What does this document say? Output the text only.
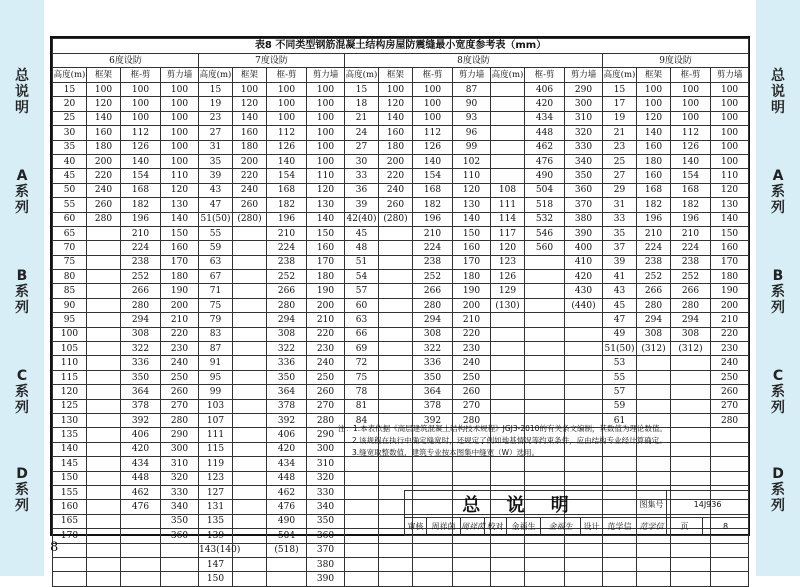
总
说
明
A
系
列
B
系
列
C
系
列
D
系
列
总
说
明
A
系
列
B
系
列
C
系
列
D
系
列
表8 不同类型钢筋混凝土结构房屋防震缝最小宽度参考表（mm）																		
6度设防				7度设防				8度设防							9度设防			
高度(m)	框架	框-剪	剪力墙	高度(m)	框架	框-剪	剪力墙	高度(m)	框架	框-剪	剪力墙	高度(m)	框-剪	剪力墙	高度(m)	框架	框-剪	剪力墙
15	100	100	100	15	100	100	100	15	100	100	87		406	290	15	100	100	100
20	120	100	100	19	120	100	100	18	120	100	90		420	300	17	100	100	100
25	140	100	100	23	140	100	100	21	140	100	93		434	310	19	120	100	100
30	160	112	100	27	160	112	100	24	160	112	96		448	320	21	140	112	100
35	180	126	100	31	180	126	100	27	180	126	99		462	330	23	160	126	100
40	200	140	100	35	200	140	100	30	200	140	102		476	340	25	180	140	100
45	220	154	110	39	220	154	110	33	220	154	110		490	350	27	160	154	110
50	240	168	120	43	240	168	120	36	240	168	120	108	504	360	29	168	168	120
55	260	182	130	47	260	182	130	39	260	182	130	111	518	370	31	182	182	130
60	280	196	140	51(50)	(280)	196	140	42(40)	(280)	196	140	114	532	380	33	196	196	140
65		210	150	55		210	150	45		210	150	117	546	390	35	210	210	150
70		224	160	59		224	160	48		224	160	120	560	400	37	224	224	160
75		238	170	63		238	170	51		238	170	123		410	39	238	238	170
80		252	180	67		252	180	54		252	180	126		420	41	252	252	180
85		266	190	71		266	190	57		266	190	129		430	43	266	266	190
90		280	200	75		280	200	60		280	200	(130)		(440)	45	280	280	200
95		294	210	79		294	210	63		294	210				47	294	294	210
100		308	220	83		308	220	66		308	220				49	308	308	220
105		322	230	87		322	230	69		322	230				51(50)	(312)	(312)	230
110		336	240	91		336	240	72		336	240				53			240
115		350	250	95		350	250	75		350	250				55			250
120		364	260	99		364	260	78		364	260				57			260
125		378	270	103		378	270	81		378	270				59			270
130		392	280	107		392	280	84		392	280				61			280
135		406	290	111		406	290											
140		420	300	115		420	300											
145		434	310	119		434	310											
150		448	320	123		448	320											
155		462	330	127		462	330											
160		476	340	131		476	340											
165			350	135		490	350											
170			360	139		504	360											
				143(140)		(518)	370											
				147			380											
				150			390											

注：1.本表依据《高层建筑混凝土结构技术规程》JGJ3-2010的有关条文编制，其数值为理论数值。

2.该规程在执行中确定缝宽时，还规定了例如地基情况等约束条件，应由结构专业经计算确定。

3.缝宽取整数值，建筑专业按本图集中缝宽（W）选用。

总 说 明								图集号	14J936	
审核	周祥茵	周祥茵	校对	金福生	金福生	设计	范学信	范学信	页	8
8
